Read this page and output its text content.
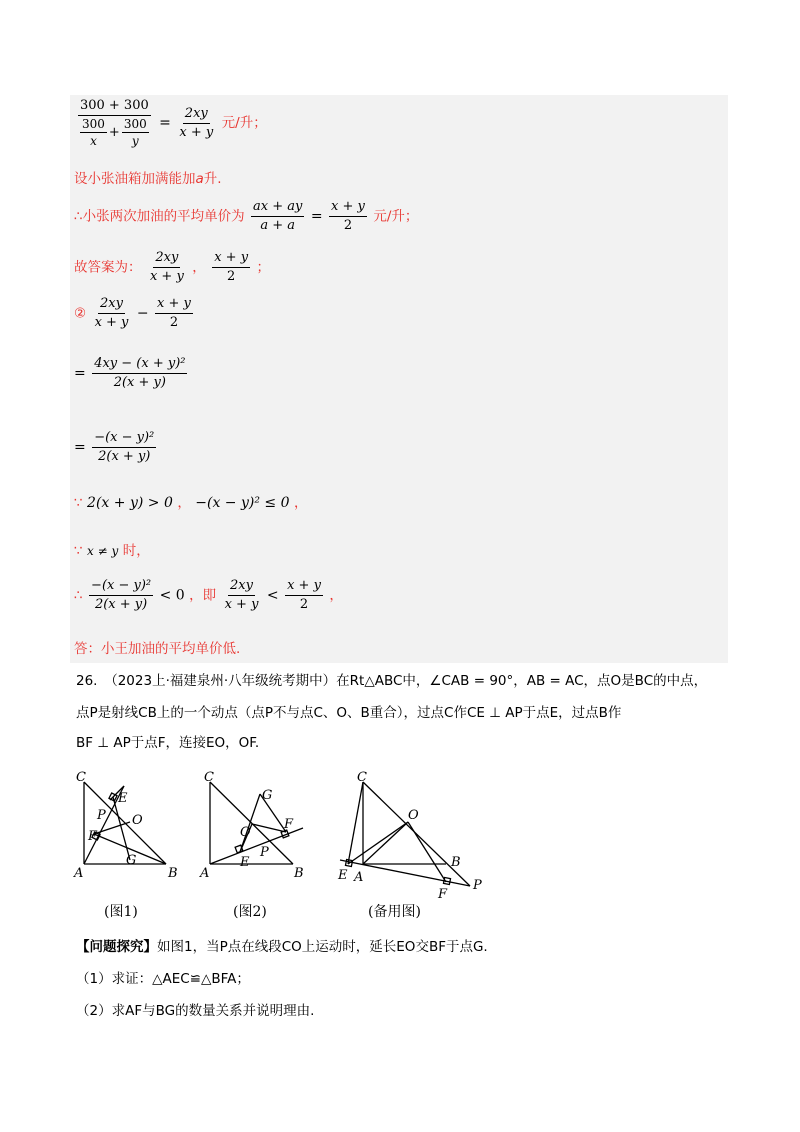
$\frac{300 + 300}{\frac{300}{x} + \frac{300}{y}} = \frac{2xy}{x + y}$ 元/升；
设小张油箱加满能加a升.
∴小张两次加油的平均单价为 $\frac{ax + ay}{a + a} = \frac{x + y}{2}$ 元/升；
故答案为： $\frac{2xy}{x + y}$ ， $\frac{x + y}{2}$ ；
② $\frac{2xy}{x + y} - \frac{x + y}{2}$
= $\frac{\text{4xy − (x + y)²}}{2(x + y)}$
= $\frac{\text{−(x − y)²}}{2(x + y)}$
∵ 2(x + y) > 0 ， −(x − y)² ≤ 0 ，
∵ x ≠ y 时，
∴ $\frac{\text{−(x − y)²}}{2(x + y)} < 0$ ，即 $\frac{2xy}{x + y} < \frac{x + y}{2}$ ，
答：小王加油的平均单价低.
26.　（2023上·福建泉州·八年级统考期中）在Rt△ABC中，∠CAB = 90°，AB = AC，点O是BC的中点，
点P是射线CB上的一个动点（点P不与点C、O、B重合），过点C作CE ⊥ AP于点E，过点B作
BF ⊥ AP于点F，连接EO，OF.
C
E
P O
F
G
A	B
C
G
F
O
P
E
A	B
C
O
B
E A
F
P
(图1)	(图2)	(备用图)
【问题探究】如图1，当P点在线段CO上运动时，延长EO交BF于点G.
（1）求证：△AEC≌△BFA；
（2）求AF与BG的数量关系并说明理由.
